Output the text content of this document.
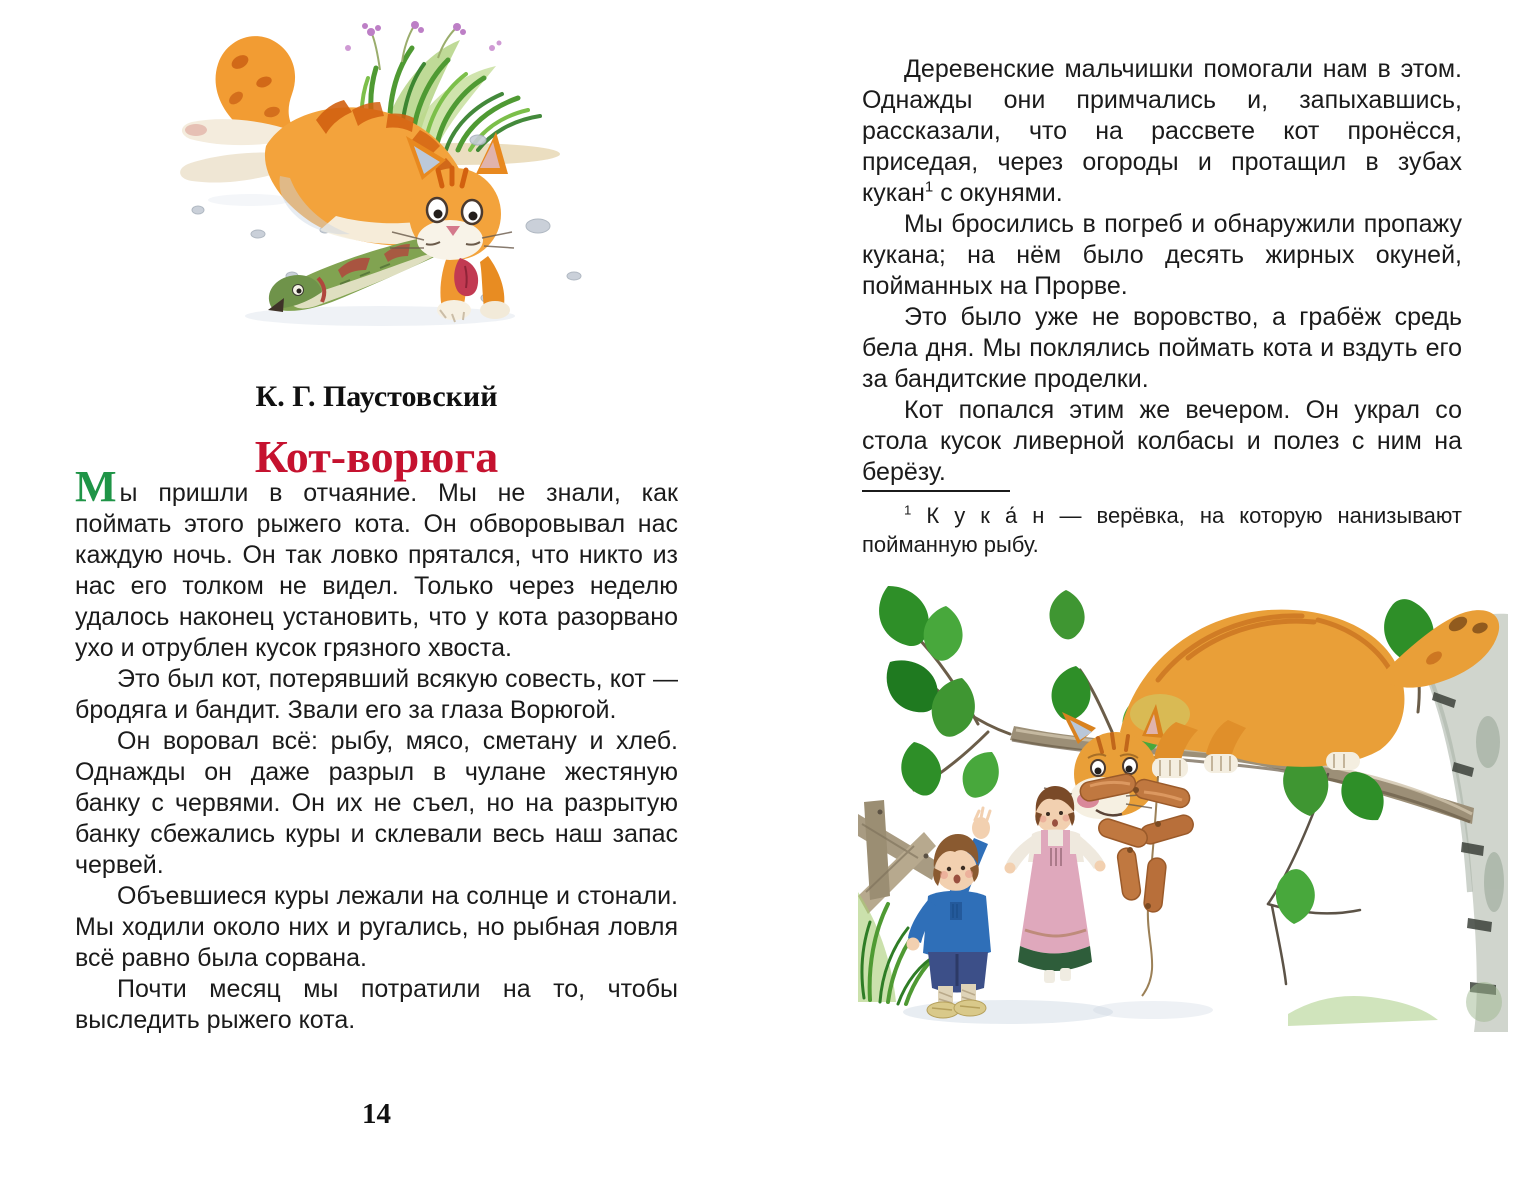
К. Г. Паустовский
Кот-ворюга

Мы пришли в отчаяние. Мы не знали, как поймать этого рыжего кота. Он обворовывал нас каждую ночь. Он так ловко прятался, что никто из нас его толком не видел. Только через неделю удалось наконец установить, что у кота разорвано ухо и отрублен кусок грязного хвоста.

Это был кот, потерявший всякую совесть, кот — бродяга и бандит. Звали его за глаза Ворюгой.

Он воровал всё: рыбу, мясо, сметану и хлеб. Однажды он даже разрыл в чулане жестяную банку с червями. Он их не съел, но на разрытую банку сбежались куры и склевали весь наш запас червей.

Объевшиеся куры лежали на солнце и стонали. Мы ходили около них и ругались, но рыбная ловля всё равно была сорвана.

Почти месяц мы потратили на то, чтобы выследить рыжего кота.

14

Деревенские мальчишки помогали нам в этом. Однажды они примчались и, запыхавшись, рассказали, что на рассвете кот пронёсся, приседая, через огороды и протащил в зубах кукан$^1$ с окунями.

Мы бросились в погреб и обнаружили пропажу кукана; на нём было десять жирных окуней, пойманных на Прорве.

Это было уже не воровство, а грабёж средь бела дня. Мы поклялись поймать кота и вздуть его за бандитские проделки.

Кот попался этим же вечером. Он украл со стола кусок ливерной колбасы и полез с ним на берёзу.

$^1$ К у к а́ н — верёвка, на которую нанизывают пойманную рыбу.
